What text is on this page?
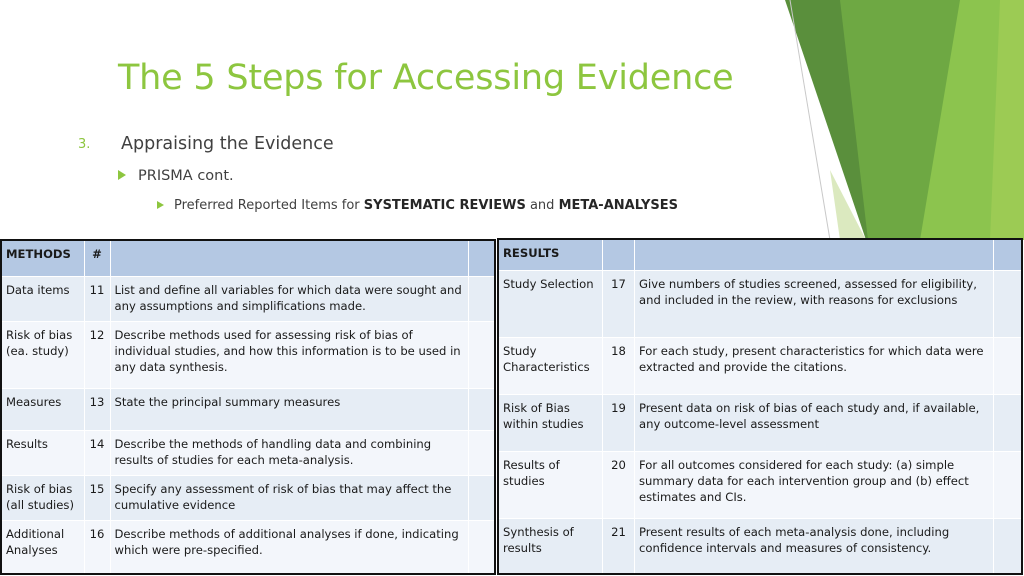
The 5 Steps for Accessing Evidence
3. Appraising the Evidence
PRISMA cont.
Preferred Reported Items for SYSTEMATIC REVIEWS and META-ANALYSES
METHODS	#		
Data items	11	List and define all variables for which data were sought and any assumptions and simplifications made.	
Risk of bias (ea. study)	12	Describe methods used for assessing risk of bias of individual studies, and how this information is to be used in any data synthesis.	
Measures	13	State the principal summary measures	
Results	14	Describe the methods of handling data and combining results of studies for each meta-analysis.	
Risk of bias (all studies)	15	Specify any assessment of risk of bias that may affect the cumulative evidence	
Additional Analyses	16	Describe methods of additional analyses if done, indicating which were pre-specified.	
RESULTS			
Study Selection	17	Give numbers of studies screened, assessed for eligibility, and included in the review, with reasons for exclusions	
Study Characteristics	18	For each study, present characteristics for which data were extracted and provide the citations.	
Risk of Bias within studies	19	Present data on risk of bias of each study and, if available, any outcome-level assessment	
Results of studies	20	For all outcomes considered for each study: (a) simple summary data for each intervention group and (b) effect estimates and CIs.	
Synthesis of results	21	Present results of each meta-analysis done, including confidence intervals and measures of consistency.	
